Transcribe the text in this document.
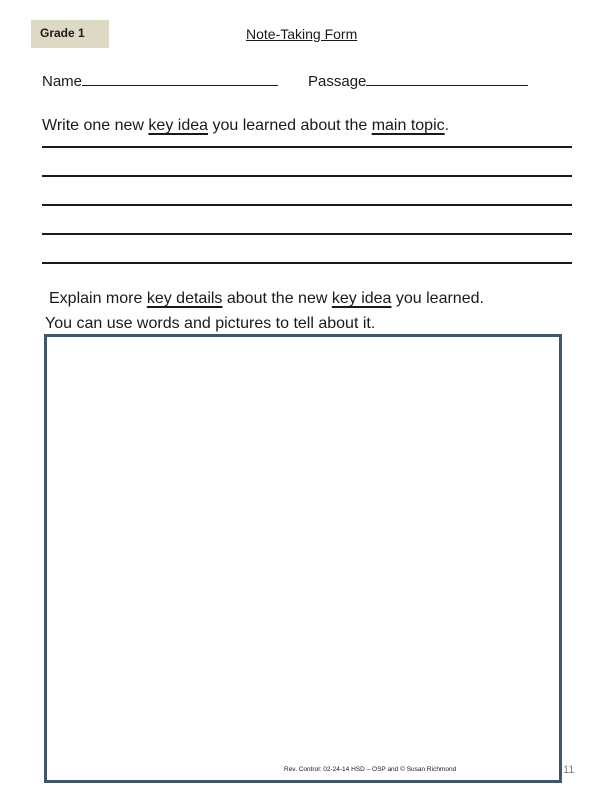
Grade 1	Note-Taking Form
Name	Passage
Write one new key idea you learned about the main topic.
Explain more key details about the new key idea you learned.
You can use words and pictures to tell about it.
Rev. Control: 02-24-14 HSD – OSP and © Susan Richmond	11
